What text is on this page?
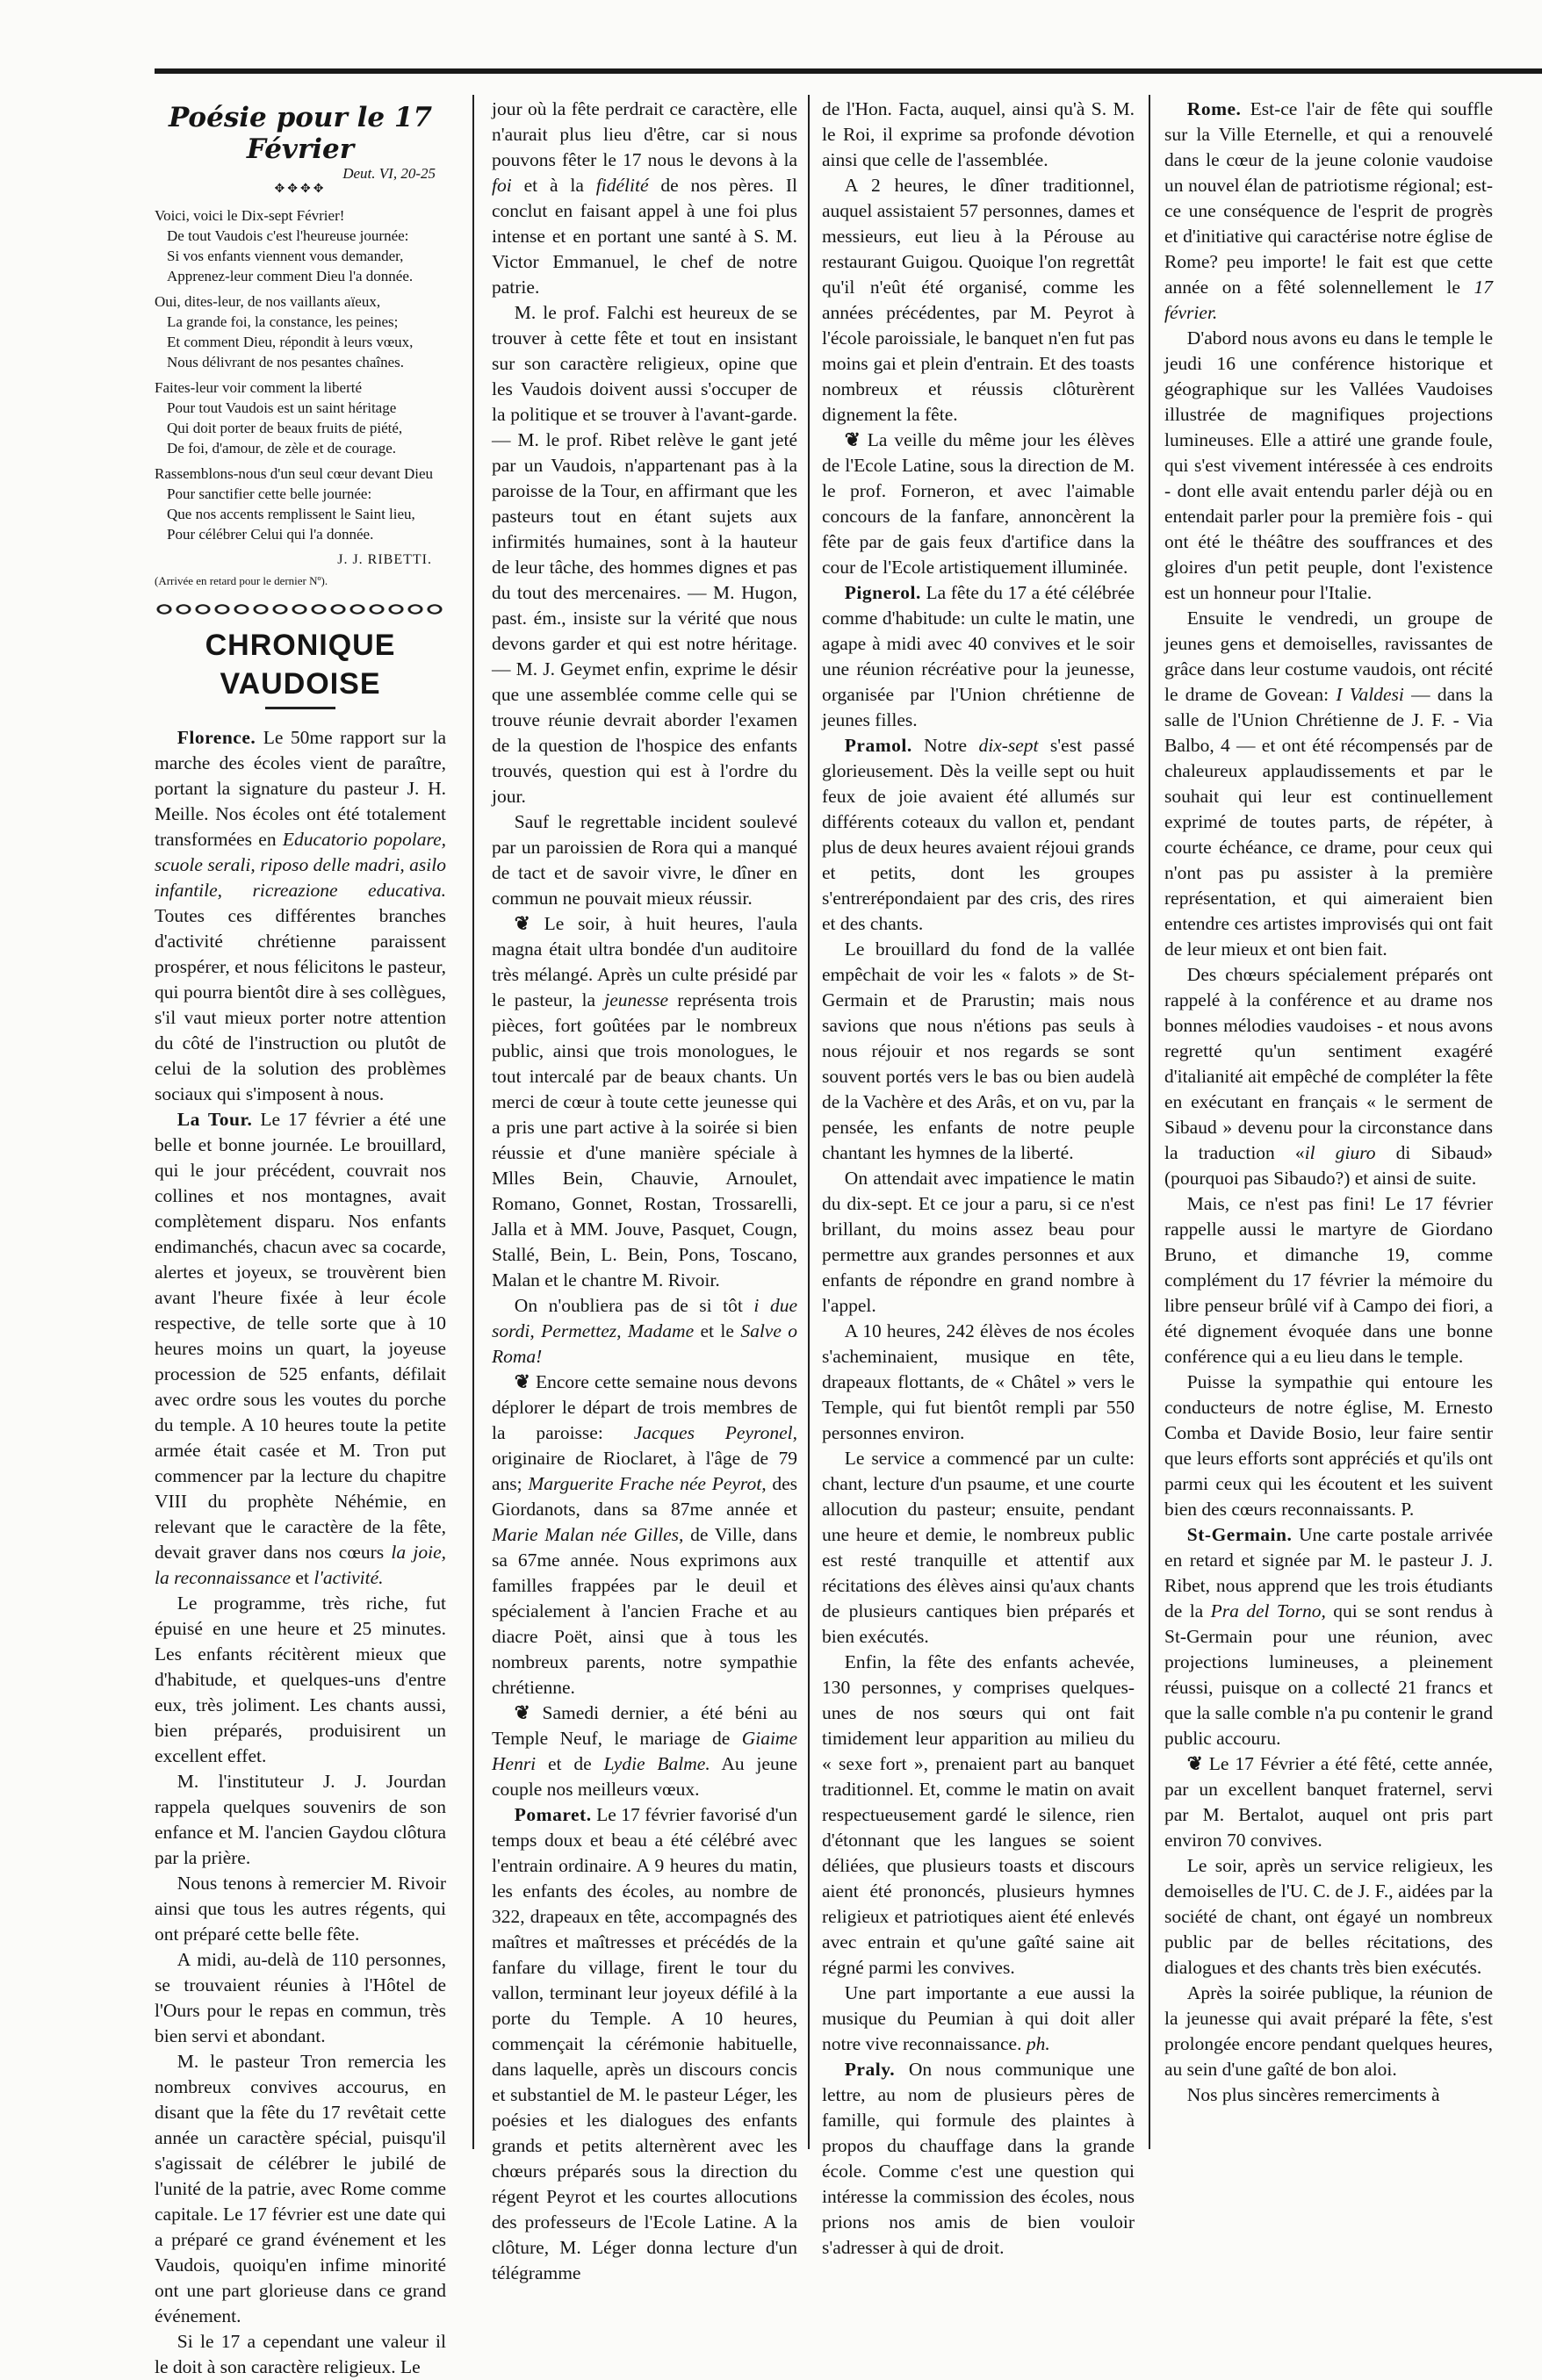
Poésie pour le 17 Février
Deut. VI, 20-25
✥✥✥✥
Voici, voici le Dix-sept Février!
De tout Vaudois c'est l'heureuse journée:
Si vos enfants viennent vous demander,
Apprenez-leur comment Dieu l'a donnée.
Oui, dites-leur, de nos vaillants aïeux,
La grande foi, la constance, les peines;
Et comment Dieu, répondit à leurs vœux,
Nous délivrant de nos pesantes chaînes.
Faites-leur voir comment la liberté
Pour tout Vaudois est un saint héritage
Qui doit porter de beaux fruits de piété,
De foi, d'amour, de zèle et de courage.
Rassemblons-nous d'un seul cœur devant Dieu
Pour sanctifier cette belle journée:
Que nos accents remplissent le Saint lieu,
Pour célébrer Celui qui l'a donnée.
J. J. RIBETTI.
(Arrivée en retard pour le dernier Nº).
CHRONIQUE VAUDOISE

Florence. Le 50me rapport sur la marche des écoles vient de paraître, portant la signature du pasteur J. H. Meille. Nos écoles ont été totalement transformées en Educatorio popolare, scuole serali, riposo delle madri, asilo infantile, ricreazione educativa. Toutes ces différentes branches d'activité chrétienne paraissent prospérer, et nous félicitons le pasteur, qui pourra bientôt dire à ses collègues, s'il vaut mieux porter notre attention du côté de l'instruction ou plutôt de celui de la solution des problèmes sociaux qui s'imposent à nous.

La Tour. Le 17 février a été une belle et bonne journée. Le brouillard, qui le jour précédent, couvrait nos collines et nos montagnes, avait complètement disparu. Nos enfants endimanchés, chacun avec sa cocarde, alertes et joyeux, se trouvèrent bien avant l'heure fixée à leur école respective, de telle sorte que à 10 heures moins un quart, la joyeuse procession de 525 enfants, défilait avec ordre sous les voutes du porche du temple. A 10 heures toute la petite armée était casée et M. Tron put commencer par la lecture du chapitre VIII du prophète Néhémie, en relevant que le caractère de la fête, devait graver dans nos cœurs la joie, la reconnaissance et l'activité.

Le programme, très riche, fut épuisé en une heure et 25 minutes. Les enfants récitèrent mieux que d'habitude, et quelques-uns d'entre eux, très joliment. Les chants aussi, bien préparés, produisirent un excellent effet.

M. l'instituteur J. J. Jourdan rappela quelques souvenirs de son enfance et M. l'ancien Gaydou clôtura par la prière.

Nous tenons à remercier M. Rivoir ainsi que tous les autres régents, qui ont préparé cette belle fête.

A midi, au-delà de 110 personnes, se trouvaient réunies à l'Hôtel de l'Ours pour le repas en commun, très bien servi et abondant.

M. le pasteur Tron remercia les nombreux convives accourus, en disant que la fête du 17 revêtait cette année un caractère spécial, puisqu'il s'agissait de célébrer le jubilé de l'unité de la patrie, avec Rome comme capitale. Le 17 février est une date qui a préparé ce grand événement et les Vaudois, quoiqu'en infime minorité ont une part glorieuse dans ce grand événement.

Si le 17 a cependant une valeur il le doit à son caractère religieux. Le

jour où la fête perdrait ce caractère, elle n'aurait plus lieu d'être, car si nous pouvons fêter le 17 nous le devons à la foi et à la fidélité de nos pères. Il conclut en faisant appel à une foi plus intense et en portant une santé à S. M. Victor Emmanuel, le chef de notre patrie.

M. le prof. Falchi est heureux de se trouver à cette fête et tout en insistant sur son caractère religieux, opine que les Vaudois doivent aussi s'occuper de la politique et se trouver à l'avant-garde. — M. le prof. Ribet relève le gant jeté par un Vaudois, n'appartenant pas à la paroisse de la Tour, en affirmant que les pasteurs tout en étant sujets aux infirmités humaines, sont à la hauteur de leur tâche, des hommes dignes et pas du tout des mercenaires. — M. Hugon, past. ém., insiste sur la vérité que nous devons garder et qui est notre héritage. — M. J. Geymet enfin, exprime le désir que une assemblée comme celle qui se trouve réunie devrait aborder l'examen de la question de l'hospice des enfants trouvés, question qui est à l'ordre du jour.

Sauf le regrettable incident soulevé par un paroissien de Rora qui a manqué de tact et de savoir vivre, le dîner en commun ne pouvait mieux réussir.

❦ Le soir, à huit heures, l'aula magna était ultra bondée d'un auditoire très mélangé. Après un culte présidé par le pasteur, la jeunesse représenta trois pièces, fort goûtées par le nombreux public, ainsi que trois monologues, le tout intercalé par de beaux chants. Un merci de cœur à toute cette jeunesse qui a pris une part active à la soirée si bien réussie et d'une manière spéciale à Mlles Bein, Chauvie, Arnoulet, Romano, Gonnet, Rostan, Trossarelli, Jalla et à MM. Jouve, Pasquet, Cougn, Stallé, Bein, L. Bein, Pons, Toscano, Malan et le chantre M. Rivoir.

On n'oubliera pas de si tôt i due sordi, Permettez, Madame et le Salve o Roma!

❦ Encore cette semaine nous devons déplorer le départ de trois membres de la paroisse: Jacques Peyronel, originaire de Rioclaret, à l'âge de 79 ans; Marguerite Frache née Peyrot, des Giordanots, dans sa 87me année et Marie Malan née Gilles, de Ville, dans sa 67me année. Nous exprimons aux familles frappées par le deuil et spécialement à l'ancien Frache et au diacre Poët, ainsi que à tous les nombreux parents, notre sympathie chrétienne.

❦ Samedi dernier, a été béni au Temple Neuf, le mariage de Giaime Henri et de Lydie Balme. Au jeune couple nos meilleurs vœux.

Pomaret. Le 17 février favorisé d'un temps doux et beau a été célébré avec l'entrain ordinaire. A 9 heures du matin, les enfants des écoles, au nombre de 322, drapeaux en tête, accompagnés des maîtres et maîtresses et précédés de la fanfare du village, firent le tour du vallon, terminant leur joyeux défilé à la porte du Temple. A 10 heures, commençait la cérémonie habituelle, dans laquelle, après un discours concis et substantiel de M. le pasteur Léger, les poésies et les dialogues des enfants grands et petits alternèrent avec les chœurs préparés sous la direction du régent Peyrot et les courtes allocutions des professeurs de l'Ecole Latine. A la clôture, M. Léger donna lecture d'un télégramme

de l'Hon. Facta, auquel, ainsi qu'à S. M. le Roi, il exprime sa profonde dévotion ainsi que celle de l'assemblée.

A 2 heures, le dîner traditionnel, auquel assistaient 57 personnes, dames et messieurs, eut lieu à la Pérouse au restaurant Guigou. Quoique l'on regrettât qu'il n'eût été organisé, comme les années précédentes, par M. Peyrot à l'école paroissiale, le banquet n'en fut pas moins gai et plein d'entrain. Et des toasts nombreux et réussis clôturèrent dignement la fête.

❦ La veille du même jour les élèves de l'Ecole Latine, sous la direction de M. le prof. Forneron, et avec l'aimable concours de la fanfare, annoncèrent la fête par de gais feux d'artifice dans la cour de l'Ecole artistiquement illuminée.

Pignerol. La fête du 17 a été célébrée comme d'habitude: un culte le matin, une agape à midi avec 40 convives et le soir une réunion récréative pour la jeunesse, organisée par l'Union chrétienne de jeunes filles.

Pramol. Notre dix-sept s'est passé glorieusement. Dès la veille sept ou huit feux de joie avaient été allumés sur différents coteaux du vallon et, pendant plus de deux heures avaient réjoui grands et petits, dont les groupes s'entrerépondaient par des cris, des rires et des chants.

Le brouillard du fond de la vallée empêchait de voir les « falots » de St-Germain et de Prarustin; mais nous savions que nous n'étions pas seuls à nous réjouir et nos regards se sont souvent portés vers le bas ou bien audelà de la Vachère et des Arâs, et on vu, par la pensée, les enfants de notre peuple chantant les hymnes de la liberté.

On attendait avec impatience le matin du dix-sept. Et ce jour a paru, si ce n'est brillant, du moins assez beau pour permettre aux grandes personnes et aux enfants de répondre en grand nombre à l'appel.

A 10 heures, 242 élèves de nos écoles s'acheminaient, musique en tête, drapeaux flottants, de « Châtel » vers le Temple, qui fut bientôt rempli par 550 personnes environ.

Le service a commencé par un culte: chant, lecture d'un psaume, et une courte allocution du pasteur; ensuite, pendant une heure et demie, le nombreux public est resté tranquille et attentif aux récitations des élèves ainsi qu'aux chants de plusieurs cantiques bien préparés et bien exécutés.

Enfin, la fête des enfants achevée, 130 personnes, y comprises quelques-unes de nos sœurs qui ont fait timidement leur apparition au milieu du « sexe fort », prenaient part au banquet traditionnel. Et, comme le matin on avait respectueusement gardé le silence, rien d'étonnant que les langues se soient déliées, que plusieurs toasts et discours aient été prononcés, plusieurs hymnes religieux et patriotiques aient été enlevés avec entrain et qu'une gaîté saine ait régné parmi les convives.

Une part importante a eue aussi la musique du Peumian à qui doit aller notre vive reconnaissance. ph.

Praly. On nous communique une lettre, au nom de plusieurs pères de famille, qui formule des plaintes à propos du chauffage dans la grande école. Comme c'est une question qui intéresse la commission des écoles, nous prions nos amis de bien vouloir s'adresser à qui de droit.

Rome. Est-ce l'air de fête qui souffle sur la Ville Eternelle, et qui a renouvelé dans le cœur de la jeune colonie vaudoise un nouvel élan de patriotisme régional; est-ce une conséquence de l'esprit de progrès et d'initiative qui caractérise notre église de Rome? peu importe! le fait est que cette année on a fêté solennellement le 17 février.

D'abord nous avons eu dans le temple le jeudi 16 une conférence historique et géographique sur les Vallées Vaudoises illustrée de magnifiques projections lumineuses. Elle a attiré une grande foule, qui s'est vivement intéressée à ces endroits - dont elle avait entendu parler déjà ou en entendait parler pour la première fois - qui ont été le théâtre des souffrances et des gloires d'un petit peuple, dont l'existence est un honneur pour l'Italie.

Ensuite le vendredi, un groupe de jeunes gens et demoiselles, ravissantes de grâce dans leur costume vaudois, ont récité le drame de Govean: I Valdesi — dans la salle de l'Union Chrétienne de J. F. - Via Balbo, 4 — et ont été récompensés par de chaleureux applaudissements et par le souhait qui leur est continuellement exprimé de toutes parts, de répéter, à courte échéance, ce drame, pour ceux qui n'ont pas pu assister à la première représentation, et qui aimeraient bien entendre ces artistes improvisés qui ont fait de leur mieux et ont bien fait.

Des chœurs spécialement préparés ont rappelé à la conférence et au drame nos bonnes mélodies vaudoises - et nous avons regretté qu'un sentiment exagéré d'italianité ait empêché de compléter la fête en exécutant en français « le serment de Sibaud » devenu pour la circonstance dans la traduction «il giuro di Sibaud» (pourquoi pas Sibaudo?) et ainsi de suite.

Mais, ce n'est pas fini! Le 17 février rappelle aussi le martyre de Giordano Bruno, et dimanche 19, comme complément du 17 février la mémoire du libre penseur brûlé vif à Campo dei fiori, a été dignement évoquée dans une bonne conférence qui a eu lieu dans le temple.

Puisse la sympathie qui entoure les conducteurs de notre église, M. Ernesto Comba et Davide Bosio, leur faire sentir que leurs efforts sont appréciés et qu'ils ont parmi ceux qui les écoutent et les suivent bien des cœurs reconnaissants. P.

St-Germain. Une carte postale arrivée en retard et signée par M. le pasteur J. J. Ribet, nous apprend que les trois étudiants de la Pra del Torno, qui se sont rendus à St-Germain pour une réunion, avec projections lumineuses, a pleinement réussi, puisque on a collecté 21 francs et que la salle comble n'a pu contenir le grand public accouru.

❦ Le 17 Février a été fêté, cette année, par un excellent banquet fraternel, servi par M. Bertalot, auquel ont pris part environ 70 convives.

Le soir, après un service religieux, les demoiselles de l'U. C. de J. F., aidées par la société de chant, ont égayé un nombreux public par de belles récitations, des dialogues et des chants très bien exécutés.

Après la soirée publique, la réunion de la jeunesse qui avait préparé la fête, s'est prolongée encore pendant quelques heures, au sein d'une gaîté de bon aloi.

Nos plus sincères remerciments à
